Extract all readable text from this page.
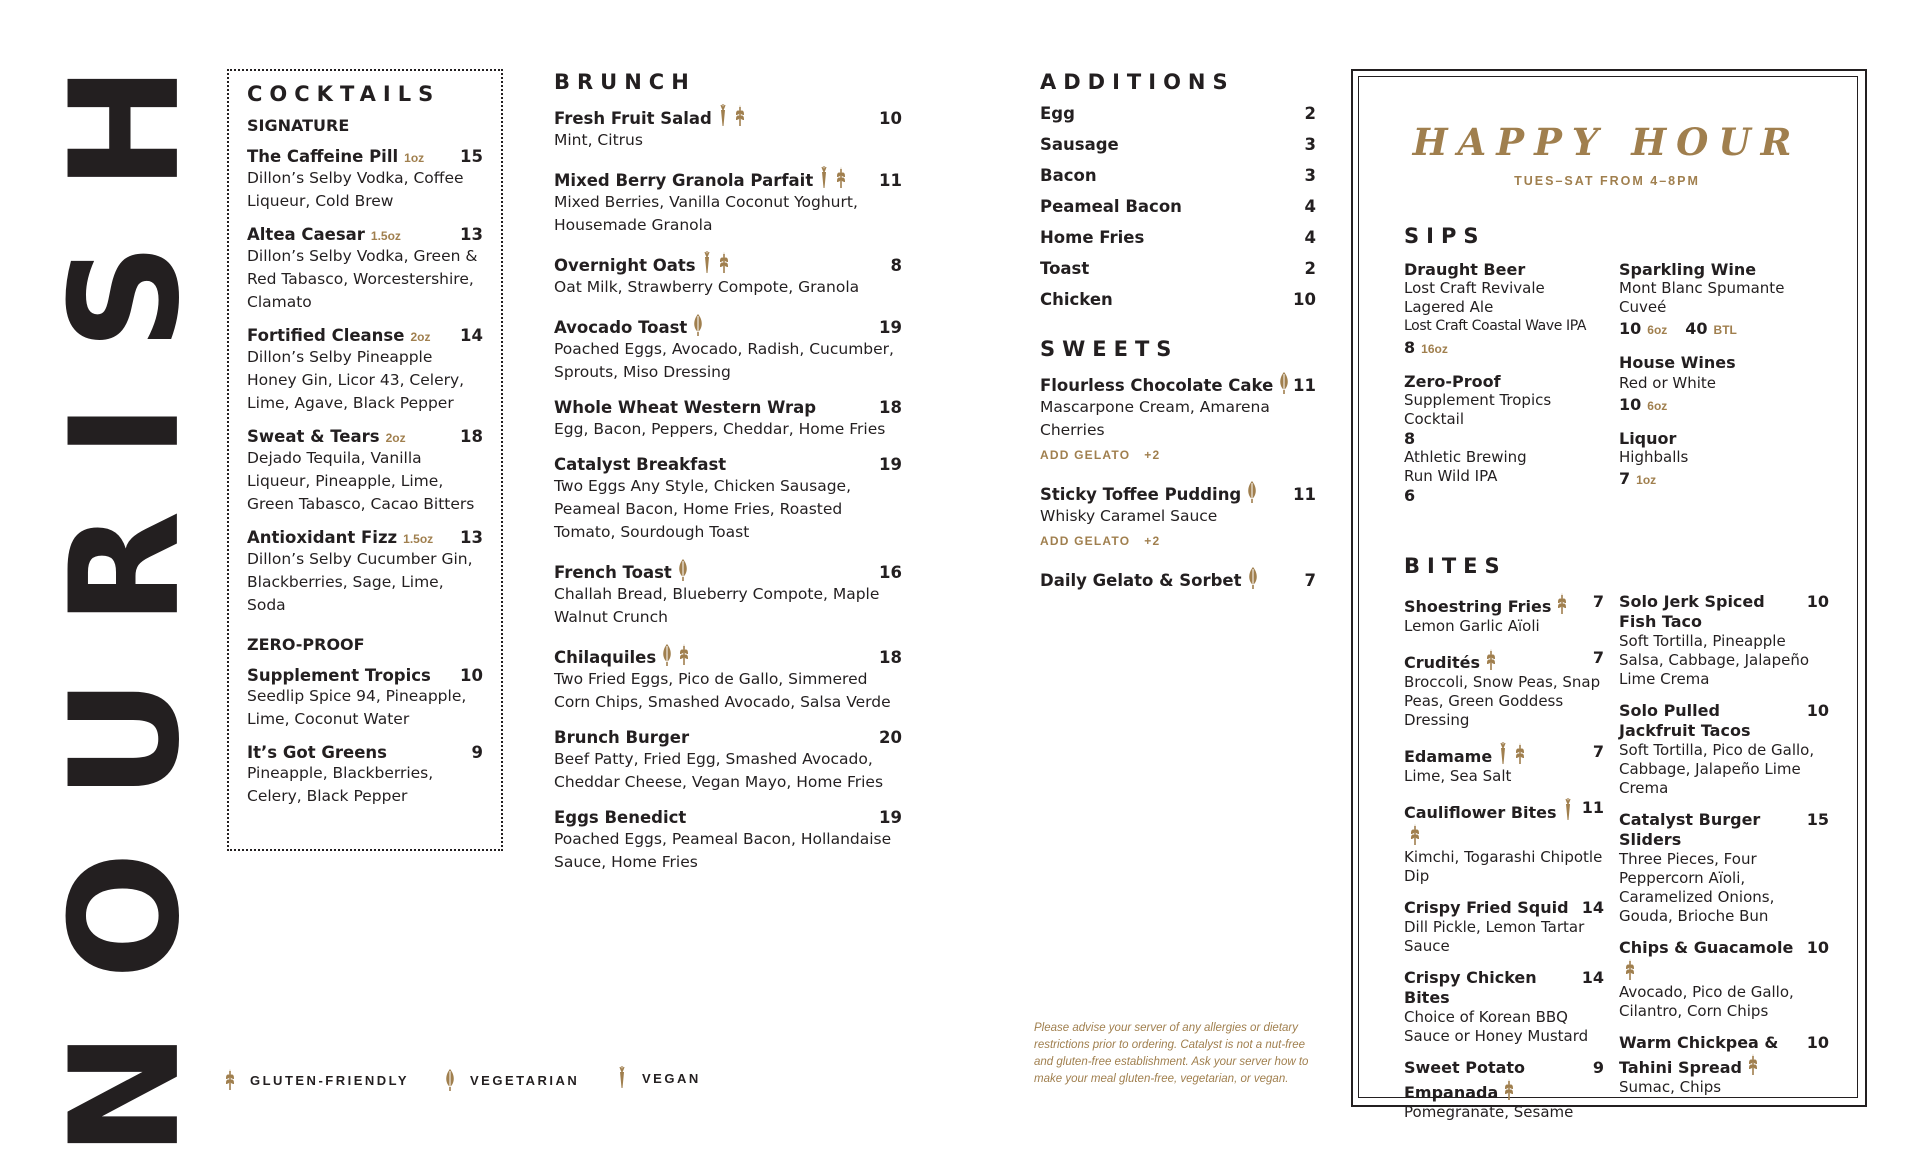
NOURISH COCKTAILS
SIGNATURE
The Caffeine Pill 1oz 15
Dillon’s Selby Vodka, Coffee Liqueur, Cold Brew
Altea Caesar 1.5oz	13
Dillon’s Selby Vodka, Green & Red Tabasco, Worcestershire, Clamato
Fortified Cleanse 2oz 14
Dillon’s Selby Pineapple Honey Gin, Licor 43, Celery, Lime, Agave, Black Pepper
Sweat & Tears 2oz	18
Dejado Tequila, Vanilla Liqueur, Pineapple, Lime, Green Tabasco, Cacao Bitters
Antioxidant Fizz 1.5oz 13
Dillon’s Selby Cucumber Gin, Blackberries, Sage, Lime, Soda
ZERO-PROOF
Supplement Tropics 10
Seedlip Spice 94, Pineapple, Lime, Coconut Water
It’s Got Greens	9
Pineapple, Blackberries, Celery, Black Pepper
BRUNCH
Fresh Fruit Salad	10
Mint, Citrus
Mixed Berry Granola Parfait	11
Mixed Berries, Vanilla Coconut Yoghurt, Housemade Granola
Overnight Oats	8
Oat Milk, Strawberry Compote, Granola
Avocado Toast	19
Poached Eggs, Avocado, Radish, Cucumber, Sprouts, Miso Dressing
Whole Wheat Western Wrap	18
Egg, Bacon, Peppers, Cheddar, Home Fries
Catalyst Breakfast	19
Two Eggs Any Style, Chicken Sausage, Peameal Bacon, Home Fries, Roasted Tomato, Sourdough Toast
French Toast	16
Challah Bread, Blueberry Compote, Maple Walnut Crunch
Chilaquiles	18
Two Fried Eggs, Pico de Gallo, Simmered Corn Chips, Smashed Avocado, Salsa Verde
Brunch Burger	20
Beef Patty, Fried Egg, Smashed Avocado, Cheddar Cheese, Vegan Mayo, Home Fries
Eggs Benedict	19
Poached Eggs, Peameal Bacon, Hollandaise Sauce, Home Fries
ADDITIONS
Egg	2
Sausage	3
Bacon	3
Peameal Bacon	4
Home Fries	4
Toast	2
Chicken	10
SWEETS
Flourless Chocolate Cake	11
Mascarpone Cream, Amarena Cherries
ADD GELATO +2
Sticky Toffee Pudding	11
Whisky Caramel Sauce
ADD GELATO +2
Daily Gelato & Sorbet	7
Please advise your server of any allergies or dietary restrictions prior to ordering. Catalyst is not a nut-free and gluten-free establishment. Ask your server how to make your meal gluten-free, vegetarian, or vegan.
GLUTEN-FRIENDLY	VEGETARIAN	VEGAN
HAPPY HOUR
TUES–SAT FROM 4–8PM
SIPS
Draught Beer
Lost Craft Revivale
Lagered Ale
Lost Craft Coastal Wave IPA
8 16oz
Zero-Proof
Supplement Tropics
Cocktail
8
Athletic Brewing
Run Wild IPA
6
Sparkling Wine
Mont Blanc Spumante
Cuveé
10 6oz 40 BTL
House Wines
Red or White
10 6oz
Liquor
Highballs
7 1oz
BITES
Shoestring Fries	7
Lemon Garlic Aïoli
Crudités	7
Broccoli, Snow Peas, Snap Peas, Green Goddess Dressing
Edamame	7
Lime, Sea Salt
Cauliflower Bites	11
Kimchi, Togarashi Chipotle Dip
Crispy Fried Squid 14
Dill Pickle, Lemon Tartar Sauce
Crispy Chicken Bites
14
Choice of Korean BBQ Sauce or Honey Mustard
Sweet Potato Empanada
9
Pomegranate, Sesame
Solo Jerk Spiced Fish Taco
10
Soft Tortilla, Pineapple Salsa, Cabbage, Jalapeño Lime Crema
Solo Pulled Jackfruit Tacos
10
Soft Tortilla, Pico de Gallo, Cabbage, Jalapeño Lime Crema
Catalyst Burger Sliders
15
Three Pieces, Four Peppercorn Aïoli, Caramelized Onions, Gouda, Brioche Bun
Chips & Guacamole 10
Avocado, Pico de Gallo, Cilantro, Corn Chips
Warm Chickpea & Tahini Spread
10
Sumac, Chips
